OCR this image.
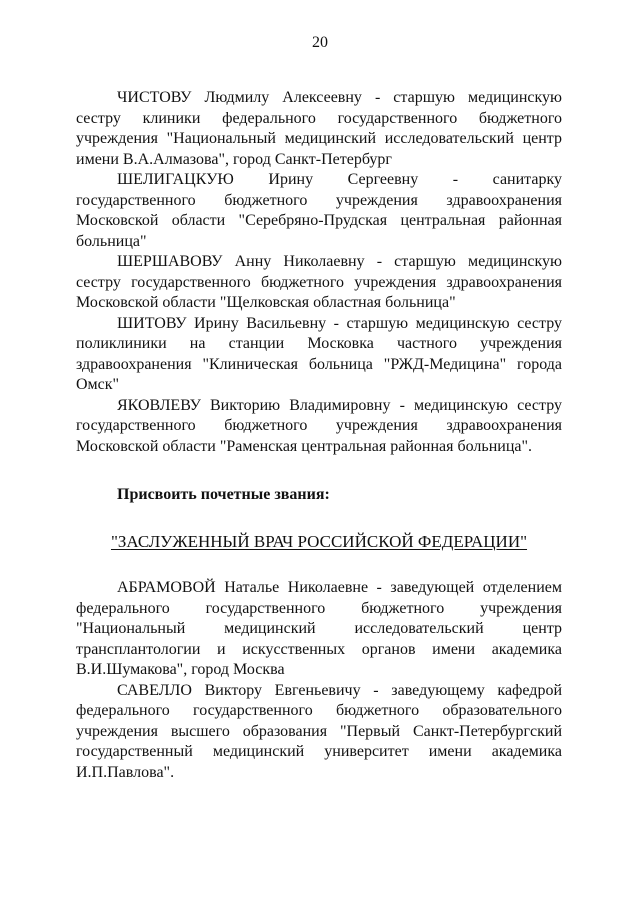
20

ЧИСТОВУ Людмилу Алексеевну - старшую медицинскую сестру клиники федерального государственного бюджетного учреждения "Национальный медицинский исследовательский центр имени В.А.Алмазова", город Санкт-Петербург

ШЕЛИГАЦКУЮ Ирину Сергеевну - санитарку государственного бюджетного учреждения здравоохранения Московской области "Серебряно-Прудская центральная районная больница"

ШЕРШАВОВУ Анну Николаевну - старшую медицинскую сестру государственного бюджетного учреждения здравоохранения Московской области "Щелковская областная больница"

ШИТОВУ Ирину Васильевну - старшую медицинскую сестру поликлиники на станции Московка частного учреждения здравоохранения "Клиническая больница "РЖД-Медицина" города Омск"

ЯКОВЛЕВУ Викторию Владимировну - медицинскую сестру государственного бюджетного учреждения здравоохранения Московской области "Раменская центральная районная больница".

Присвоить почетные звания:

"ЗАСЛУЖЕННЫЙ ВРАЧ РОССИЙСКОЙ ФЕДЕРАЦИИ"

АБРАМОВОЙ Наталье Николаевне - заведующей отделением федерального государственного бюджетного учреждения "Национальный медицинский исследовательский центр трансплантологии и искусственных органов имени академика В.И.Шумакова", город Москва

САВЕЛЛО Виктору Евгеньевичу - заведующему кафедрой федерального государственного бюджетного образовательного учреждения высшего образования "Первый Санкт-Петербургский государственный медицинский университет имени академика И.П.Павлова".
